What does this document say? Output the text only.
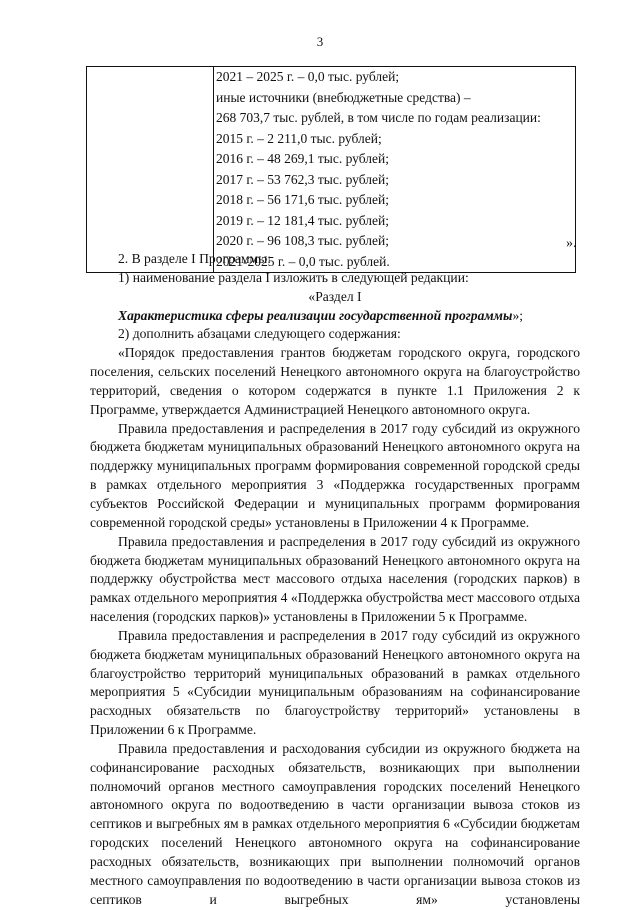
3

2021 – 2025 г. – 0,0 тыс. рублей;
иные источники (внебюджетные средства) –
268 703,7 тыс. рублей, в том числе по годам реализации:
2015 г. – 2 211,0 тыс. рублей;
2016 г. – 48 269,1 тыс. рублей;
2017 г. – 53 762,3 тыс. рублей;
2018 г. – 56 171,6 тыс. рублей;
2019 г. – 12 181,4 тыс. рублей;
2020 г. – 96 108,3 тыс. рублей;
2021-2025 г. – 0,0 тыс. рублей.
».

2. В разделе I Программы:

1) наименование раздела I изложить в следующей редакции:

«Раздел I

Характеристика сферы реализации государственной программы»;

2) дополнить абзацами следующего содержания:

«Порядок предоставления грантов бюджетам городского округа, городского поселения, сельских поселений Ненецкого автономного округа на благоустройство территорий, сведения о котором содержатся в пункте 1.1 Приложения 2 к Программе, утверждается Администрацией Ненецкого автономного округа.

Правила предоставления и распределения в 2017 году субсидий из окружного бюджета бюджетам муниципальных образований Ненецкого автономного округа на поддержку муниципальных программ формирования современной городской среды в рамках отдельного мероприятия 3 «Поддержка государственных программ субъектов Российской Федерации и муниципальных программ формирования современной городской среды» установлены в Приложении 4 к Программе.

Правила предоставления и распределения в 2017 году субсидий из окружного бюджета бюджетам муниципальных образований Ненецкого автономного округа на поддержку обустройства мест массового отдыха населения (городских парков) в рамках отдельного мероприятия 4 «Поддержка обустройства мест массового отдыха населения (городских парков)» установлены в Приложении 5 к Программе.

Правила предоставления и распределения в 2017 году субсидий из окружного бюджета бюджетам муниципальных образований Ненецкого автономного округа на благоустройство территорий муниципальных образований в рамках отдельного мероприятия 5 «Субсидии муниципальным образованиям на софинансирование расходных обязательств по благоустройству территорий» установлены в Приложении 6 к Программе.

Правила предоставления и расходования субсидии из окружного бюджета на софинансирование расходных обязательств, возникающих при выполнении полномочий органов местного самоуправления городских поселений Ненецкого автономного округа по водоотведению в части организации вывоза стоков из септиков и выгребных ям в рамках отдельного мероприятия 6 «Субсидии бюджетам городских поселений Ненецкого автономного округа на софинансирование расходных обязательств, возникающих при выполнении полномочий органов местного самоуправления по водоотведению в части организации вывоза стоков из септиков и выгребных ям» установлены
